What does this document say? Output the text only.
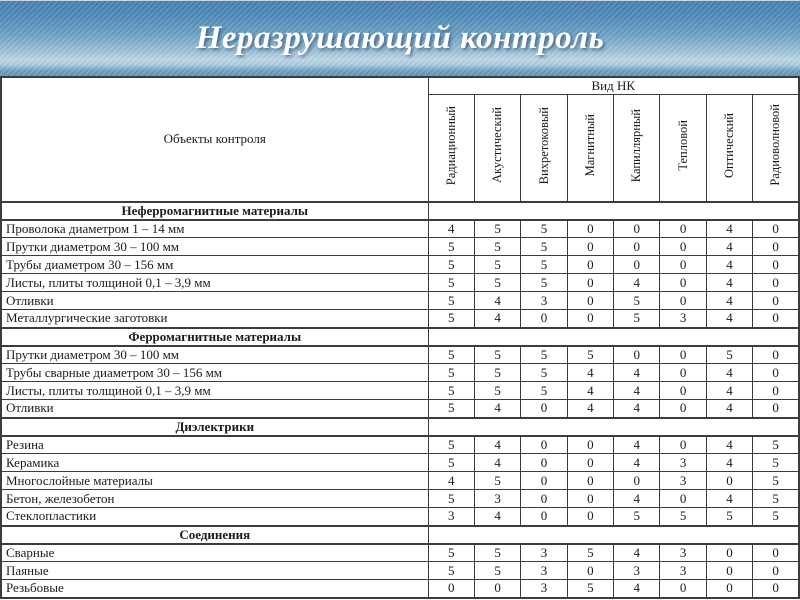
Неразрушающий контроль
Объекты контроля	Вид НК							
	Радиационный	Акустический	Вихретоковый	Магнитный	Капиллярный	Тепловой	Оптический	Радиоволновой
Неферромагнитные материалы								
Проволока диаметром 1 – 14 мм	4	5	5	0	0	0	4	0
Прутки диаметром 30 – 100 мм	5	5	5	0	0	0	4	0
Трубы диаметром 30 – 156 мм	5	5	5	0	0	0	4	0
Листы, плиты толщиной 0,1 – 3,9 мм	5	5	5	0	4	0	4	0
Отливки	5	4	3	0	5	0	4	0
Металлургические заготовки	5	4	0	0	5	3	4	0
Ферромагнитные материалы								
Прутки диаметром 30 – 100 мм	5	5	5	5	0	0	5	0
Трубы сварные диаметром 30 – 156 мм	5	5	5	4	4	0	4	0
Листы, плиты толщиной 0,1 – 3,9 мм	5	5	5	4	4	0	4	0
Отливки	5	4	0	4	4	0	4	0
Диэлектрики								
Резина	5	4	0	0	4	0	4	5
Керамика	5	4	0	0	4	3	4	5
Многослойные материалы	4	5	0	0	0	3	0	5
Бетон, железобетон	5	3	0	0	4	0	4	5
Стеклопластики	3	4	0	0	5	5	5	5
Соединения								
Сварные	5	5	3	5	4	3	0	0
Паяные	5	5	3	0	3	3	0	0
Резьбовые	0	0	3	5	4	0	0	0
